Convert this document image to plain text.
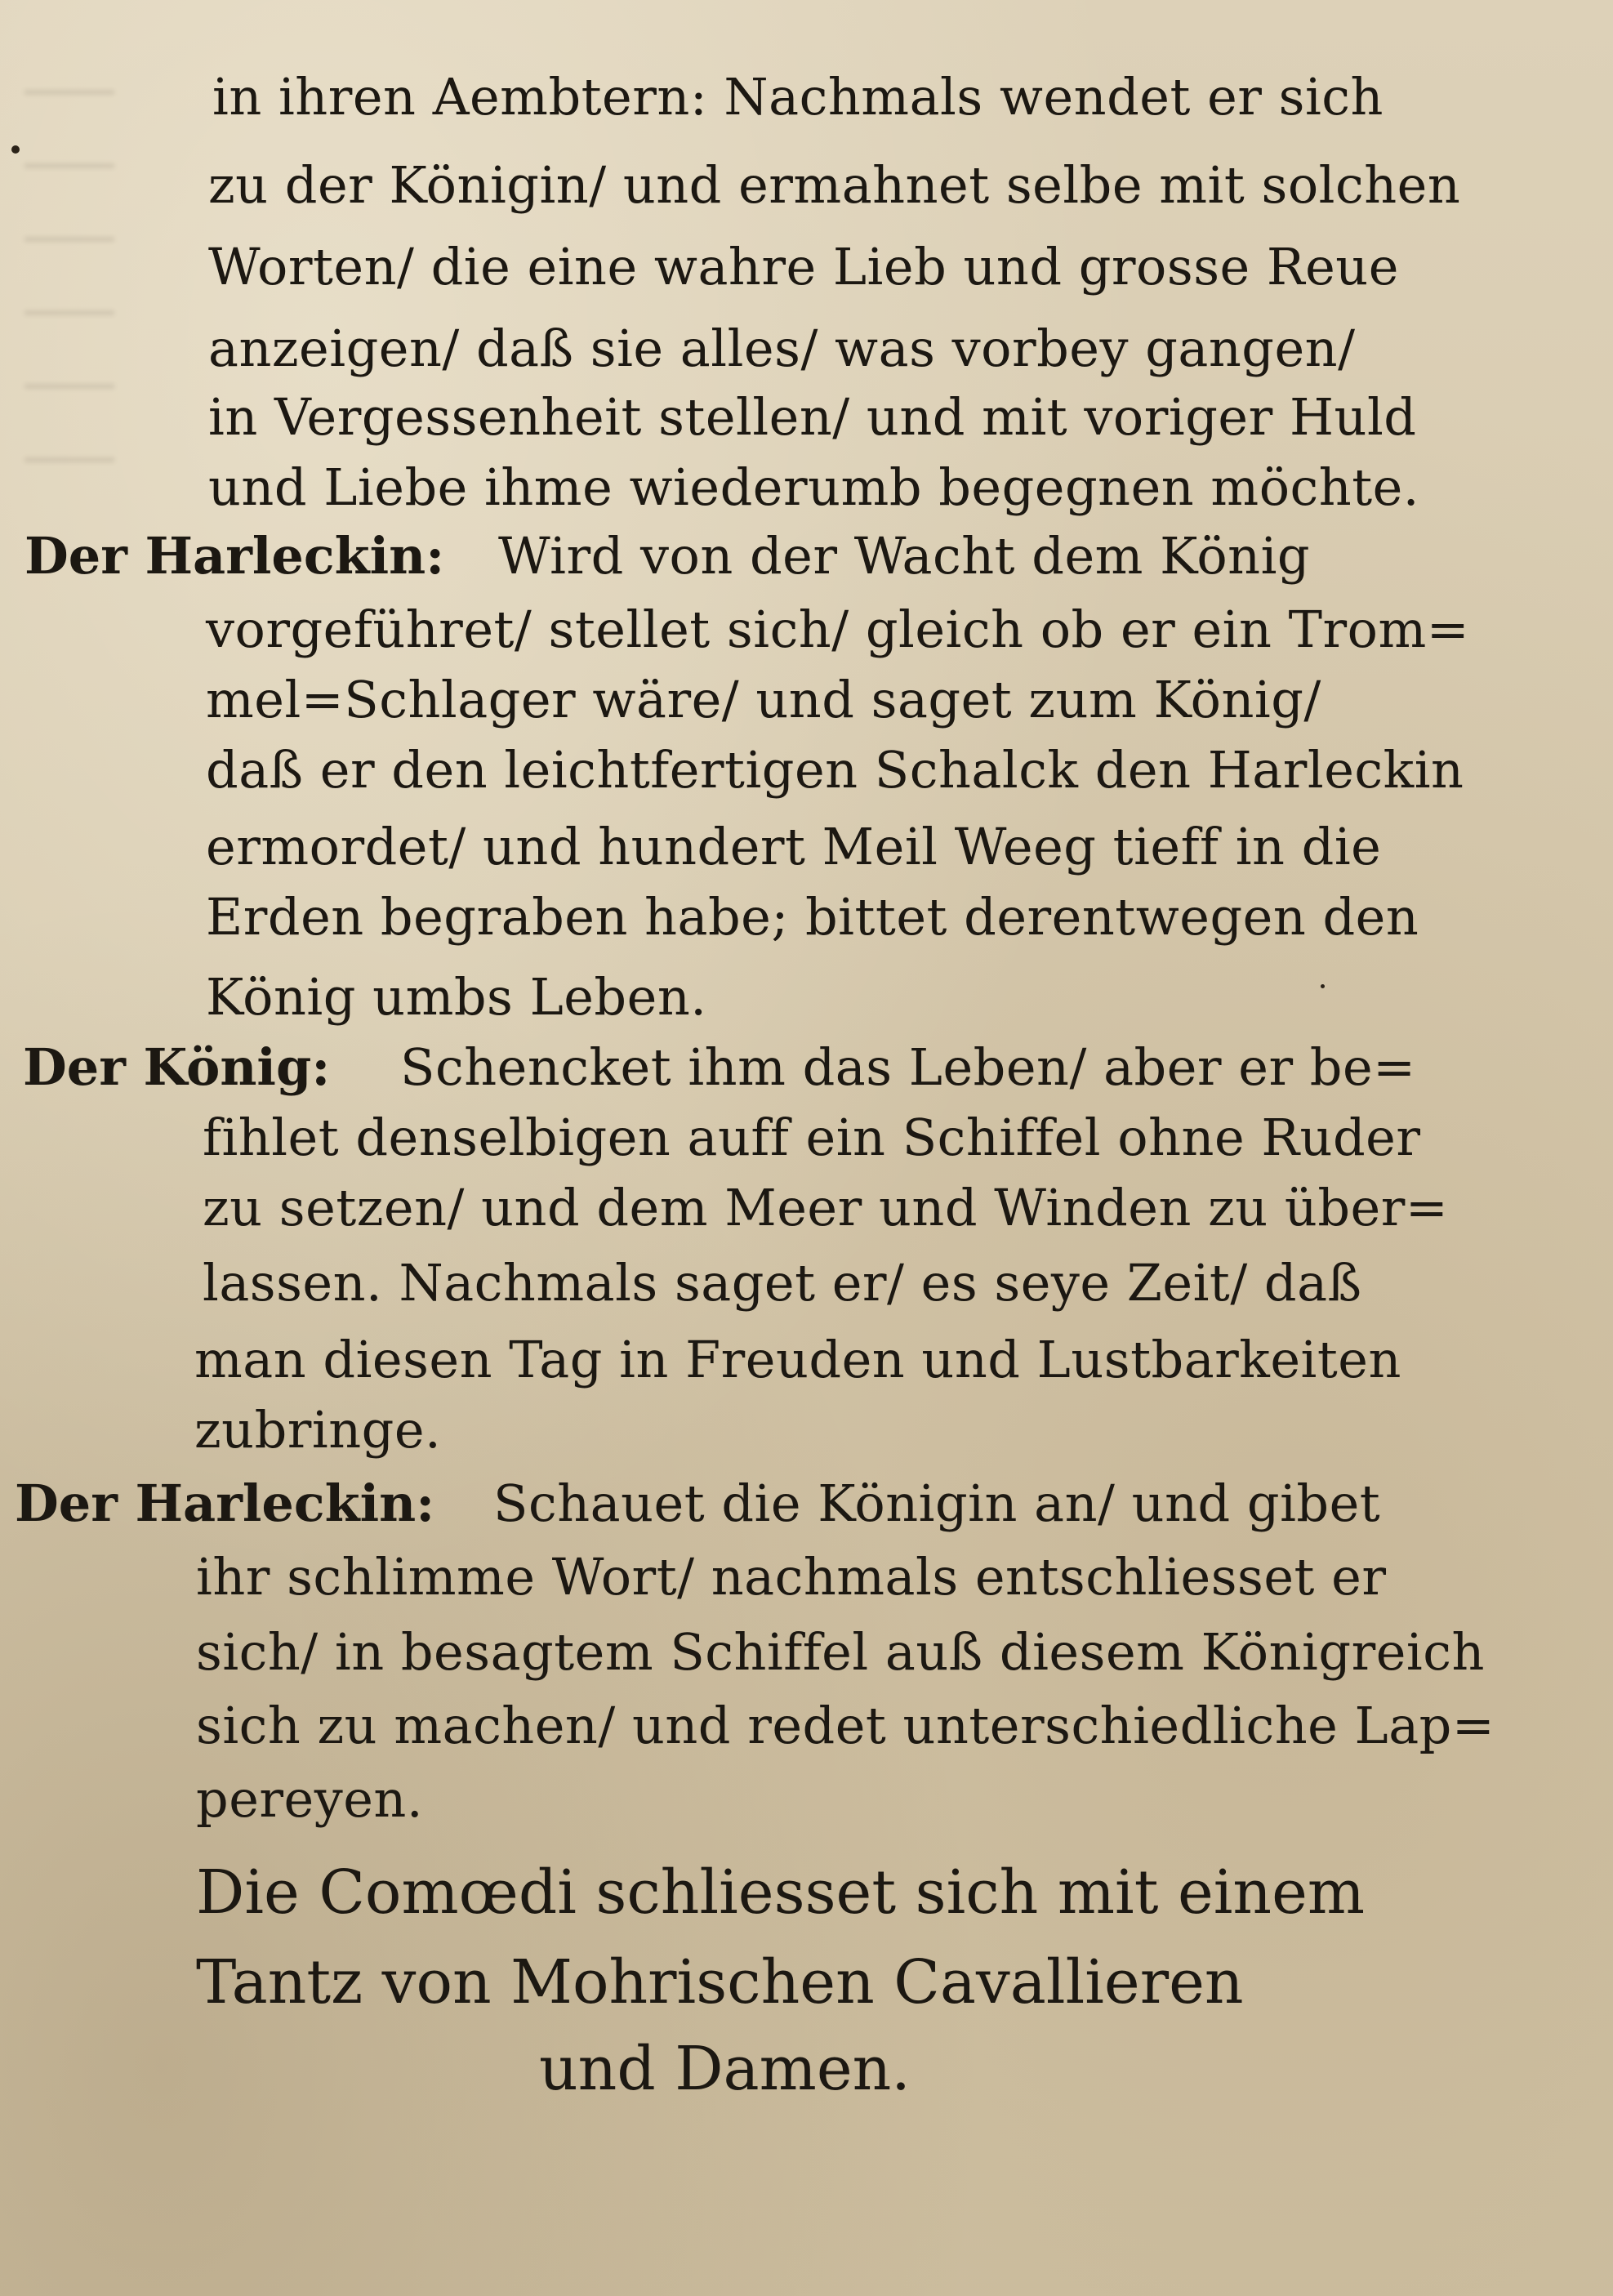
in ihren Aembtern: Nachmals wendet er sich
zu der Königin/ und ermahnet selbe mit solchen
Worten/ die eine wahre Lieb und grosse Reue
anzeigen/ daß sie alles/ was vorbey gangen/
in Vergessenheit stellen/ und mit voriger Huld
und Liebe ihme wiederumb begegnen möchte.
Der Harleckin: Wird von der Wacht dem König
vorgeführet/ stellet sich/ gleich ob er ein Trom=
mel=Schlager wäre/ und saget zum König/
daß er den leichtfertigen Schalck den Harleckin
ermordet/ und hundert Meil Weeg tieff in die
Erden begraben habe; bittet derentwegen den
König umbs Leben.
Der König: Schencket ihm das Leben/ aber er be=
fihlet denselbigen auff ein Schiffel ohne Ruder
zu setzen/ und dem Meer und Winden zu über=
lassen. Nachmals saget er/ es seye Zeit/ daß
man diesen Tag in Freuden und Lustbarkeiten
zubringe.
Der Harleckin: Schauet die Königin an/ und gibet
ihr schlimme Wort/ nachmals entschliesset er
sich/ in besagtem Schiffel auß diesem Königreich
sich zu machen/ und redet unterschiedliche Lap=
pereyen.
Die Comœdi schliesset sich mit einem
Tantz von Mohrischen Cavallieren
und Damen.
